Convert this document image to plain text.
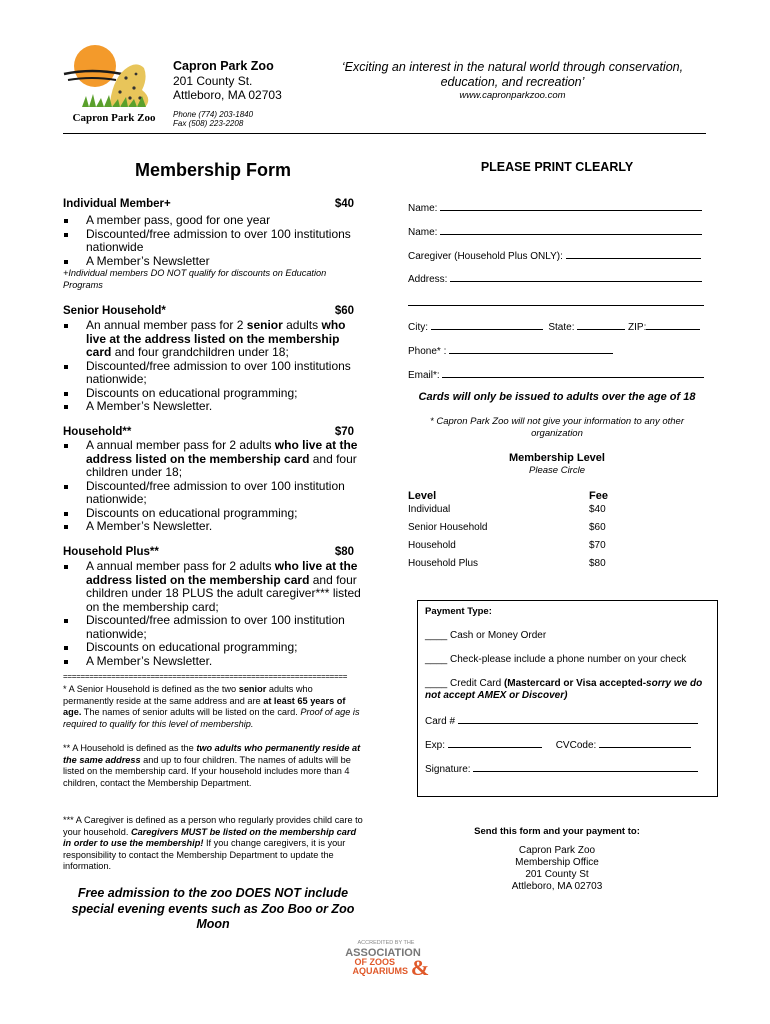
Capron Park Zoo
Capron Park Zoo
201 County St.
Attleboro, MA 02703
Phone (774) 203-1840
Fax (508) 223-2208
‘Exciting an interest in the natural world through conservation, education, and recreation’
www.capronparkzoo.com
Membership Form
Individual Member+	$40
A member pass, good for one year
Discounted/free admission to over 100 institutions nationwide
A Member’s Newsletter
+Individual members DO NOT qualify for discounts on Education Programs
Senior Household*	$60
An annual member pass for 2 senior adults who live at the address listed on the membership card and four grandchildren under 18;
Discounted/free admission to over 100 institutions nationwide;
Discounts on educational programming;
A Member’s Newsletter.
Household**	$70
A annual member pass for 2 adults who live at the address listed on the membership card and four children under 18;
Discounted/free admission to over 100 institution nationwide;
Discounts on educational programming;
A Member’s Newsletter.
Household Plus**	$80
A annual member pass for 2 adults who live at the address listed on the membership card and four children under 18 PLUS the adult caregiver*** listed on the membership card;
Discounted/free admission to over 100 institution nationwide;
Discounts on educational programming;
A Member’s Newsletter.
=================================================================
* A Senior Household is defined as the two senior adults who permanently reside at the same address and are at least 65 years of age. The names of senior adults will be listed on the card. Proof of age is required to qualify for this level of membership.
** A Household is defined as the two adults who permanently reside at the same address and up to four children. The names of adults will be listed on the membership card. If your household includes more than 4 children, contact the Membership Department.
*** A Caregiver is defined as a person who regularly provides child care to your household. Caregivers MUST be listed on the membership card in order to use the membership! If you change caregivers, it is your responsibility to contact the Membership Department to update the information.
Free admission to the zoo DOES NOT include special evening events such as Zoo Boo or Zoo Moon
ACCREDITED BY THE
ASSOCIATION
OF ZOOS
AQUARIUMS &
PLEASE PRINT CLEARLY
Name:
Name:
Caregiver (Household Plus ONLY):
Address:
City:	State:	ZIP:
Phone* :
Email*:
Cards will only be issued to adults over the age of 18
* Capron Park Zoo will not give your information to any other organization
Membership Level
Please Circle
Level	Fee
Individual	$40
Senior Household	$60
Household	$70
Household Plus	$80
Payment Type:
____ Cash or Money Order
____ Check-please include a phone number on your check
____ Credit Card (Mastercard or Visa accepted-sorry we do not accept AMEX or Discover)
Card #
Exp:	CVCode:
Signature:
Send this form and your payment to:
Capron Park Zoo
Membership Office
201 County St
Attleboro, MA 02703
